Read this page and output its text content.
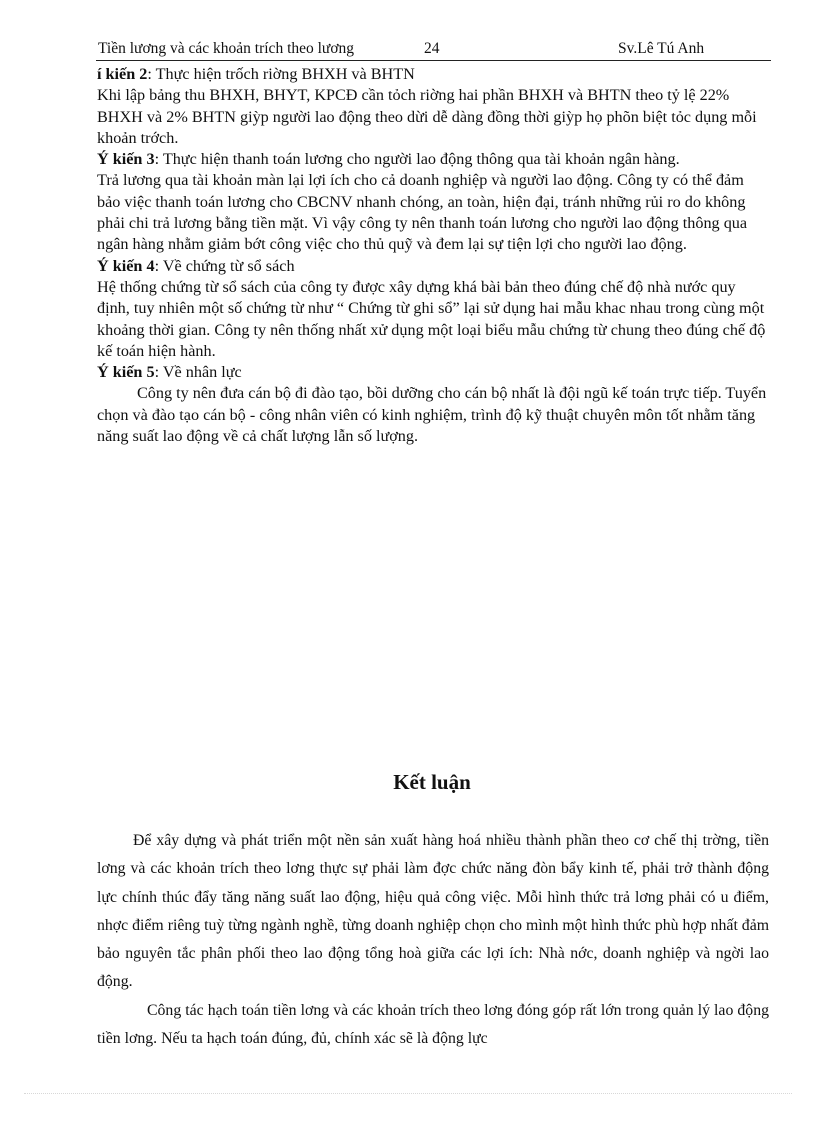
Tiền lương và các khoản trích theo lương	24	Sv.Lê Tú Anh

í kiến 2: Thực hiện trốch riờng BHXH và BHTN

Khi lập bảng thu BHXH, BHYT, KPCĐ cần tỏch riờng hai phần BHXH và BHTN theo tỷ lệ 22% BHXH và 2% BHTN giỳp người lao động theo dừi dễ dàng đồng thời giỳp họ phõn biệt tỏc dụng mỗi khoản trớch.

Ý kiến 3: Thực hiện thanh toán lương cho người lao động thông qua tài khoản ngân hàng.

Trả lương qua tài khoản màn lại lợi ích cho cả doanh nghiệp và người lao động. Công ty có thể đảm bảo việc thanh toán lương cho CBCNV nhanh chóng, an toàn, hiện đại, tránh những rủi ro do không phải chi trả lương bằng tiền mặt. Vì vậy công ty nên thanh toán lương cho người lao động thông qua ngân hàng nhằm giảm bớt công việc cho thủ quỹ và đem lại sự tiện lợi cho người lao động.

Ý kiến 4: Về chứng từ sổ sách

Hệ thống chứng từ sổ sách của công ty được xây dựng khá bài bản theo đúng chế độ nhà nước quy định, tuy nhiên một số chứng từ như “ Chứng từ ghi sổ” lại sử dụng hai mẫu khac nhau trong cùng một khoảng thời gian. Công ty nên thống nhất xử dụng một loại biểu mẫu chứng từ chung theo đúng chế độ kế toán hiện hành.

Ý kiến 5: Về nhân lực

Công ty nên đưa cán bộ đi đào tạo, bồi dưỡng cho cán bộ nhất là đội ngũ kế toán trực tiếp. Tuyển chọn và đào tạo cán bộ - công nhân viên có kinh nghiệm, trình độ kỹ thuật chuyên môn tốt nhằm tăng năng suất lao động về cả chất lượng lẫn số lượng.

Kết luận

Để xây dựng và phát triển một nền sản xuất hàng hoá nhiều thành phần theo cơ chế thị trờng, tiền lơng và các khoản trích theo lơng thực sự phải làm đợc chức năng đòn bẩy kinh tế, phải trở thành động lực chính thúc đẩy tăng năng suất lao động, hiệu quả công việc. Mỗi hình thức trả lơng phải có u điểm, nhợc điểm riêng tuỳ từng ngành nghề, từng doanh nghiệp chọn cho mình một hình thức phù hợp nhất đảm bảo nguyên tắc phân phối theo lao động tổng hoà giữa các lợi ích: Nhà nớc, doanh nghiệp và ngời lao động.

Công tác hạch toán tiền lơng và các khoản trích theo lơng đóng góp rất lớn trong quản lý lao động tiền lơng. Nếu ta hạch toán đúng, đủ, chính xác sẽ là động lực
